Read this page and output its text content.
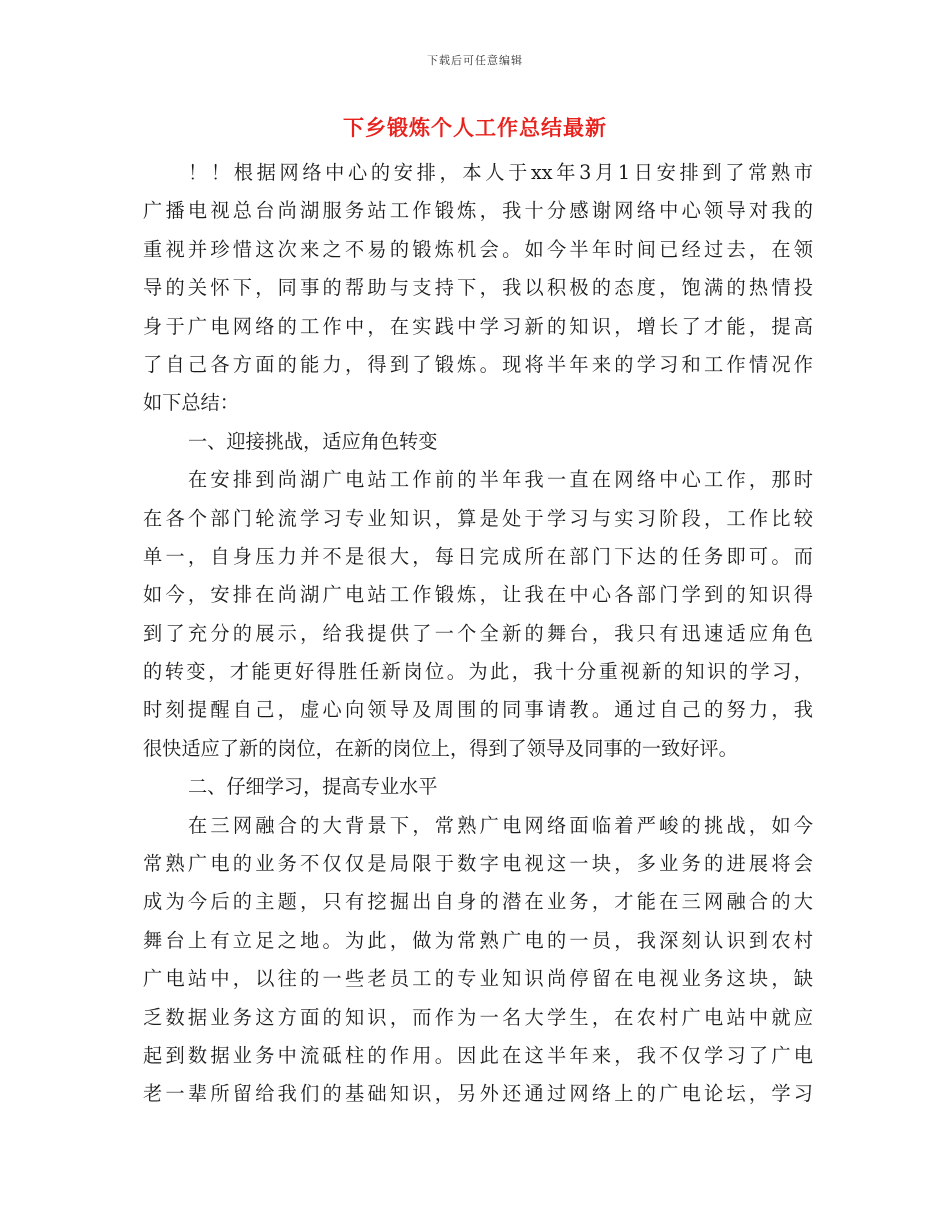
下载后可任意编辑
下乡锻炼个人工作总结最新
！！根据网络中心的安排，本人于xx年3月1日安排到了常熟市
广播电视总台尚湖服务站工作锻炼，我十分感谢网络中心领导对我的
重视并珍惜这次来之不易的锻炼机会。如今半年时间已经过去，在领
导的关怀下，同事的帮助与支持下，我以积极的态度，饱满的热情投
身于广电网络的工作中，在实践中学习新的知识，增长了才能，提高
了自己各方面的能力，得到了锻炼。现将半年来的学习和工作情况作
如下总结：
一、迎接挑战，适应角色转变
在安排到尚湖广电站工作前的半年我一直在网络中心工作，那时
在各个部门轮流学习专业知识，算是处于学习与实习阶段，工作比较
单一，自身压力并不是很大，每日完成所在部门下达的任务即可。而
如今，安排在尚湖广电站工作锻炼，让我在中心各部门学到的知识得
到了充分的展示，给我提供了一个全新的舞台，我只有迅速适应角色
的转变，才能更好得胜任新岗位。为此，我十分重视新的知识的学习，
时刻提醒自己，虚心向领导及周围的同事请教。通过自己的努力，我
很快适应了新的岗位，在新的岗位上，得到了领导及同事的一致好评。
二、仔细学习，提高专业水平
在三网融合的大背景下，常熟广电网络面临着严峻的挑战，如今
常熟广电的业务不仅仅是局限于数字电视这一块，多业务的进展将会
成为今后的主题，只有挖掘出自身的潜在业务，才能在三网融合的大
舞台上有立足之地。为此，做为常熟广电的一员，我深刻认识到农村
广电站中，以往的一些老员工的专业知识尚停留在电视业务这块，缺
乏数据业务这方面的知识，而作为一名大学生，在农村广电站中就应
起到数据业务中流砥柱的作用。因此在这半年来，我不仅学习了广电
老一辈所留给我们的基础知识，另外还通过网络上的广电论坛，学习
